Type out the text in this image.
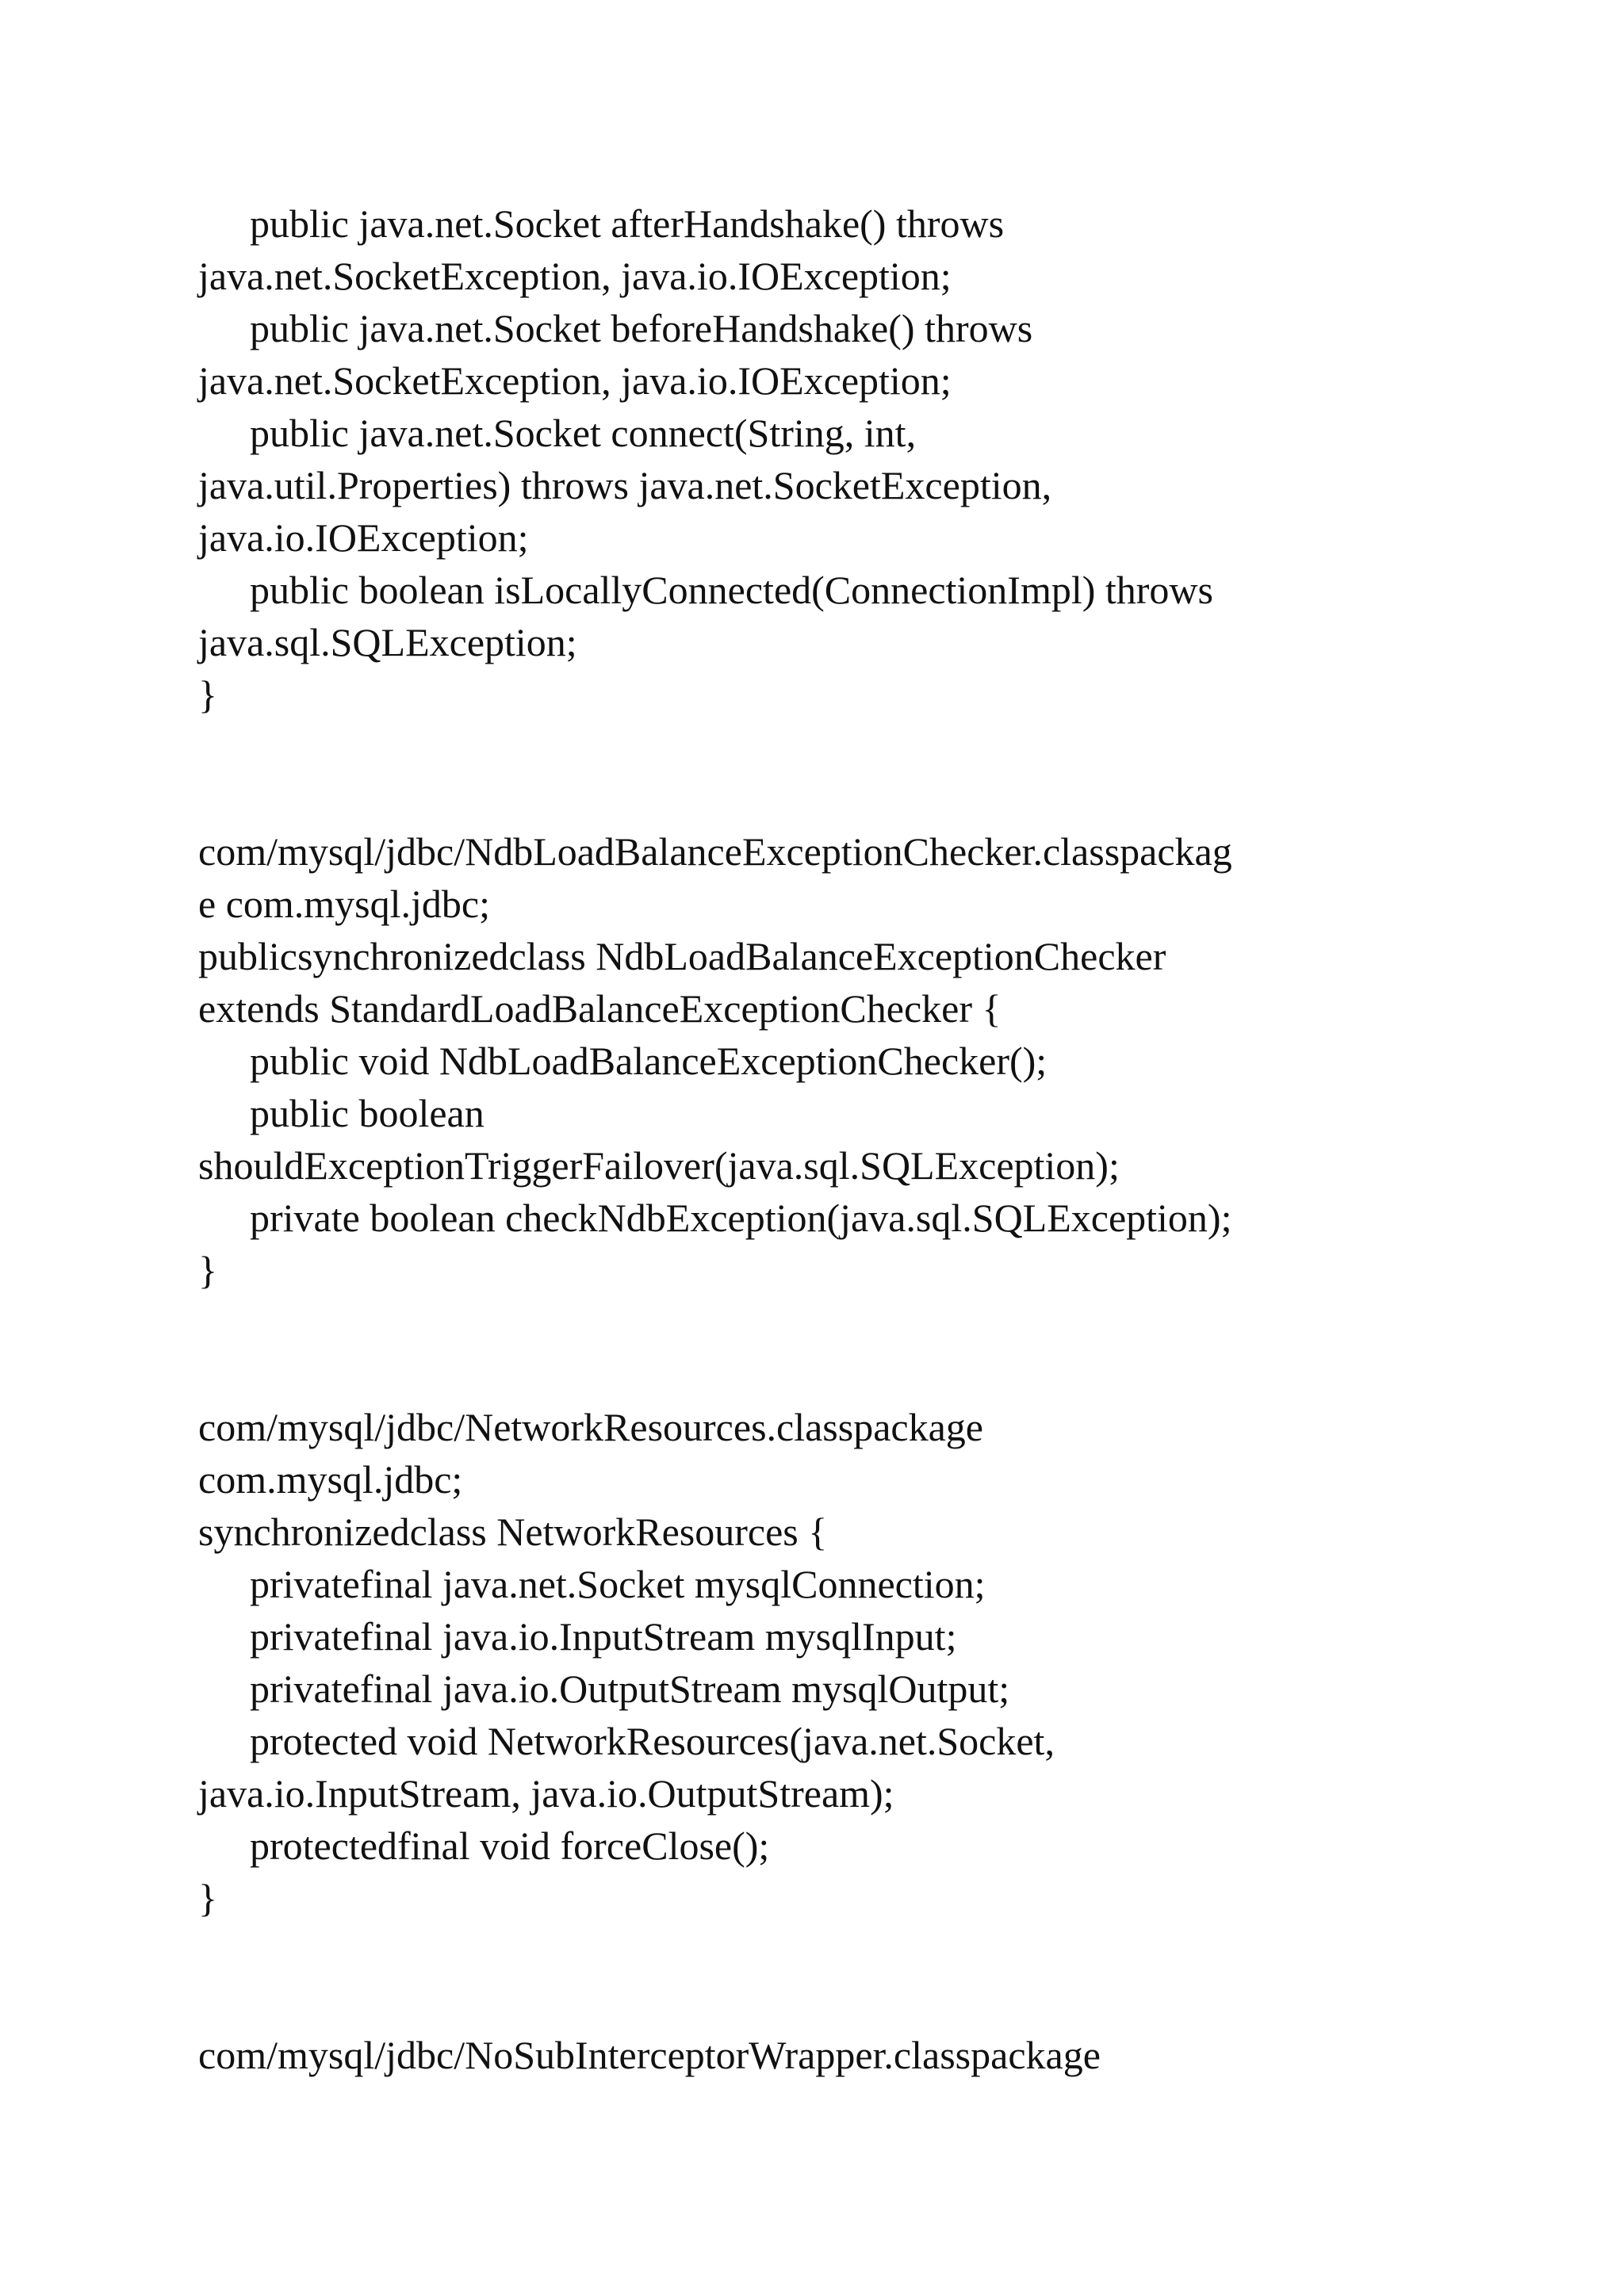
public java.net.Socket afterHandshake() throws

java.net.SocketException, java.io.IOException;

public java.net.Socket beforeHandshake() throws

java.net.SocketException, java.io.IOException;

public java.net.Socket connect(String, int,

java.util.Properties) throws java.net.SocketException,

java.io.IOException;

public boolean isLocallyConnected(ConnectionImpl) throws

java.sql.SQLException;

}

com/mysql/jdbc/NdbLoadBalanceExceptionChecker.classpackag

e com.mysql.jdbc;

publicsynchronizedclass NdbLoadBalanceExceptionChecker

extends StandardLoadBalanceExceptionChecker {

public void NdbLoadBalanceExceptionChecker();

public boolean

shouldExceptionTriggerFailover(java.sql.SQLException);

private boolean checkNdbException(java.sql.SQLException);

}

com/mysql/jdbc/NetworkResources.classpackage

com.mysql.jdbc;

synchronizedclass NetworkResources {

privatefinal java.net.Socket mysqlConnection;

privatefinal java.io.InputStream mysqlInput;

privatefinal java.io.OutputStream mysqlOutput;

protected void NetworkResources(java.net.Socket,

java.io.InputStream, java.io.OutputStream);

protectedfinal void forceClose();

}

com/mysql/jdbc/NoSubInterceptorWrapper.classpackage
